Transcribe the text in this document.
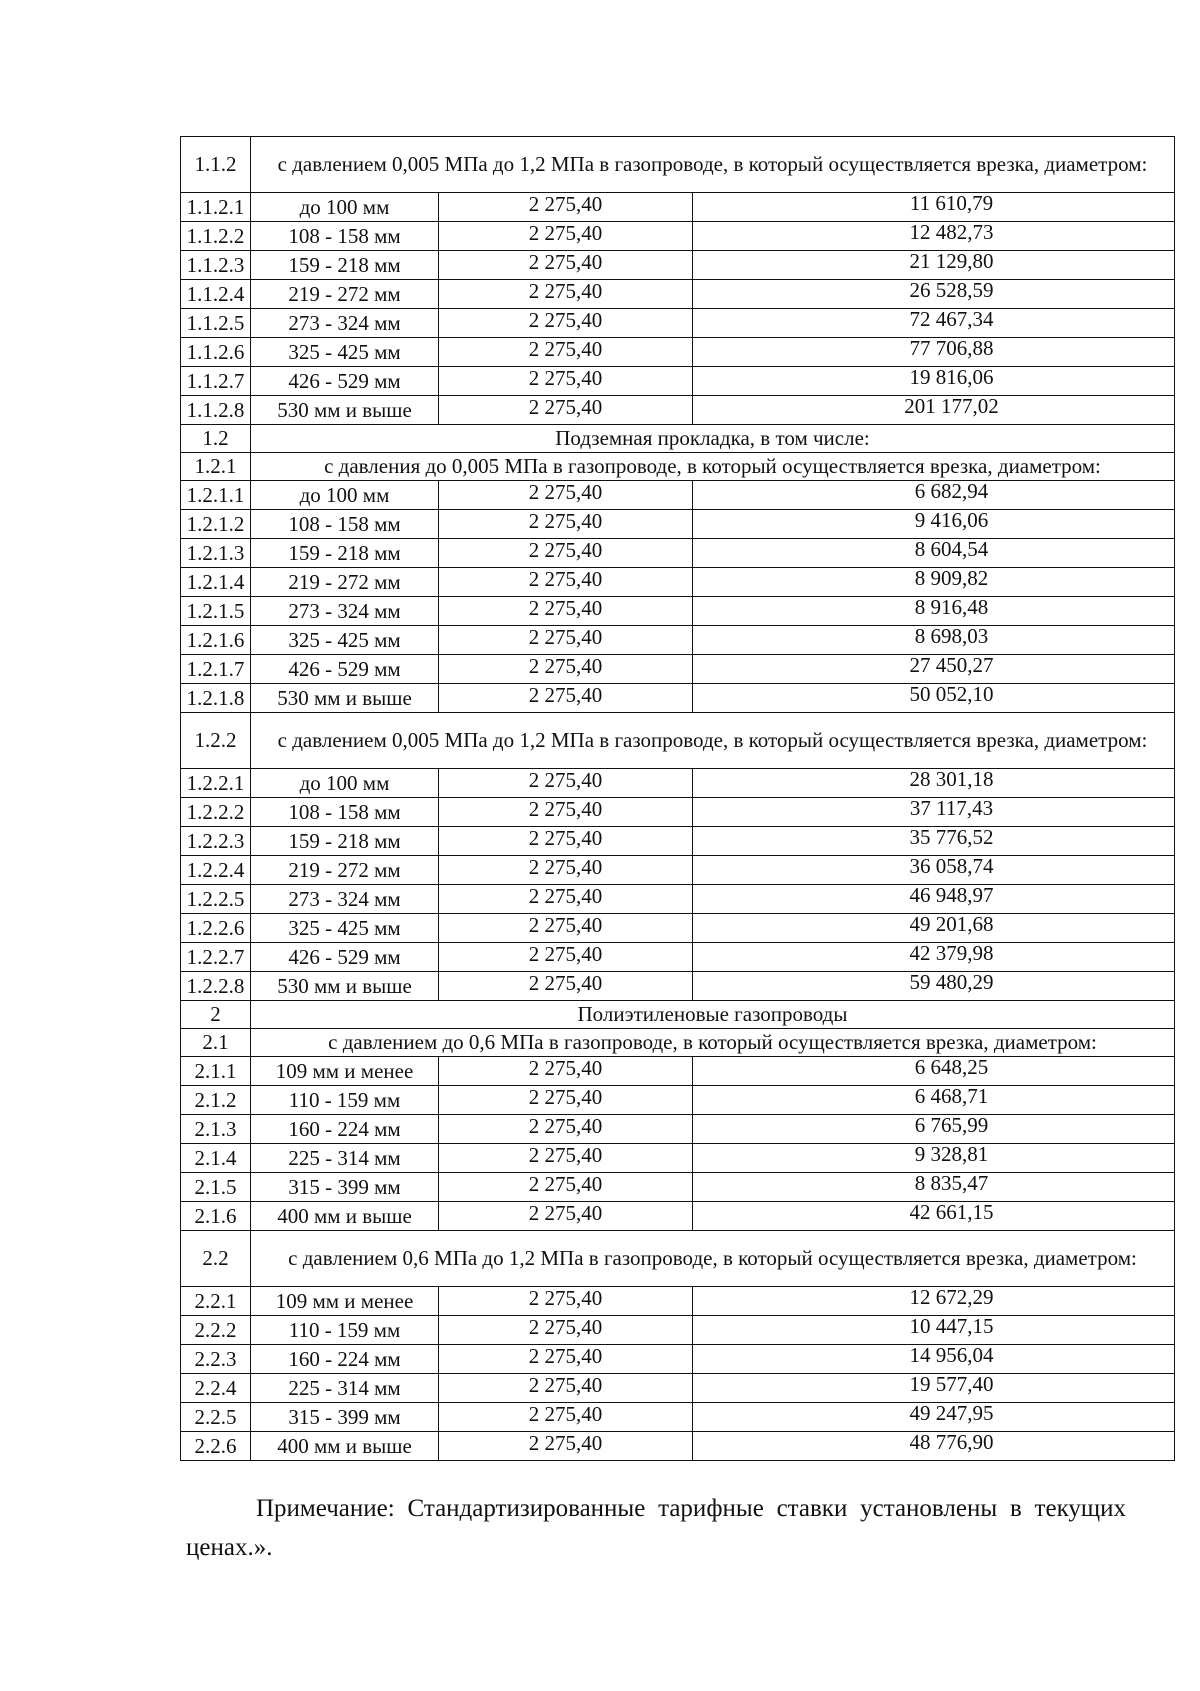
1.1.2	с давлением 0,005 МПа до 1,2 МПа в газопроводе, в который осуществляется врезка, диаметром:		
1.1.2.1	до 100 мм	2 275,40	11 610,79
1.1.2.2	108 - 158 мм	2 275,40	12 482,73
1.1.2.3	159 - 218 мм	2 275,40	21 129,80
1.1.2.4	219 - 272 мм	2 275,40	26 528,59
1.1.2.5	273 - 324 мм	2 275,40	72 467,34
1.1.2.6	325 - 425 мм	2 275,40	77 706,88
1.1.2.7	426 - 529 мм	2 275,40	19 816,06
1.1.2.8	530 мм и выше	2 275,40	201 177,02
1.2	Подземная прокладка, в том числе:		
1.2.1	с давления до 0,005 МПа в газопроводе, в который осуществляется врезка, диаметром:		
1.2.1.1	до 100 мм	2 275,40	6 682,94
1.2.1.2	108 - 158 мм	2 275,40	9 416,06
1.2.1.3	159 - 218 мм	2 275,40	8 604,54
1.2.1.4	219 - 272 мм	2 275,40	8 909,82
1.2.1.5	273 - 324 мм	2 275,40	8 916,48
1.2.1.6	325 - 425 мм	2 275,40	8 698,03
1.2.1.7	426 - 529 мм	2 275,40	27 450,27
1.2.1.8	530 мм и выше	2 275,40	50 052,10
1.2.2	с давлением 0,005 МПа до 1,2 МПа в газопроводе, в который осуществляется врезка, диаметром:		
1.2.2.1	до 100 мм	2 275,40	28 301,18
1.2.2.2	108 - 158 мм	2 275,40	37 117,43
1.2.2.3	159 - 218 мм	2 275,40	35 776,52
1.2.2.4	219 - 272 мм	2 275,40	36 058,74
1.2.2.5	273 - 324 мм	2 275,40	46 948,97
1.2.2.6	325 - 425 мм	2 275,40	49 201,68
1.2.2.7	426 - 529 мм	2 275,40	42 379,98
1.2.2.8	530 мм и выше	2 275,40	59 480,29
2	Полиэтиленовые газопроводы		
2.1	с давлением до 0,6 МПа в газопроводе, в который осуществляется врезка, диаметром:		
2.1.1	109 мм и менее	2 275,40	6 648,25
2.1.2	110 - 159 мм	2 275,40	6 468,71
2.1.3	160 - 224 мм	2 275,40	6 765,99
2.1.4	225 - 314 мм	2 275,40	9 328,81
2.1.5	315 - 399 мм	2 275,40	8 835,47
2.1.6	400 мм и выше	2 275,40	42 661,15
2.2	с давлением 0,6 МПа до 1,2 МПа в газопроводе, в который осуществляется врезка, диаметром:		
2.2.1	109 мм и менее	2 275,40	12 672,29
2.2.2	110 - 159 мм	2 275,40	10 447,15
2.2.3	160 - 224 мм	2 275,40	14 956,04
2.2.4	225 - 314 мм	2 275,40	19 577,40
2.2.5	315 - 399 мм	2 275,40	49 247,95
2.2.6	400 мм и выше	2 275,40	48 776,90

Примечание: Стандартизированные тарифные ставки установлены в текущих ценах.».
